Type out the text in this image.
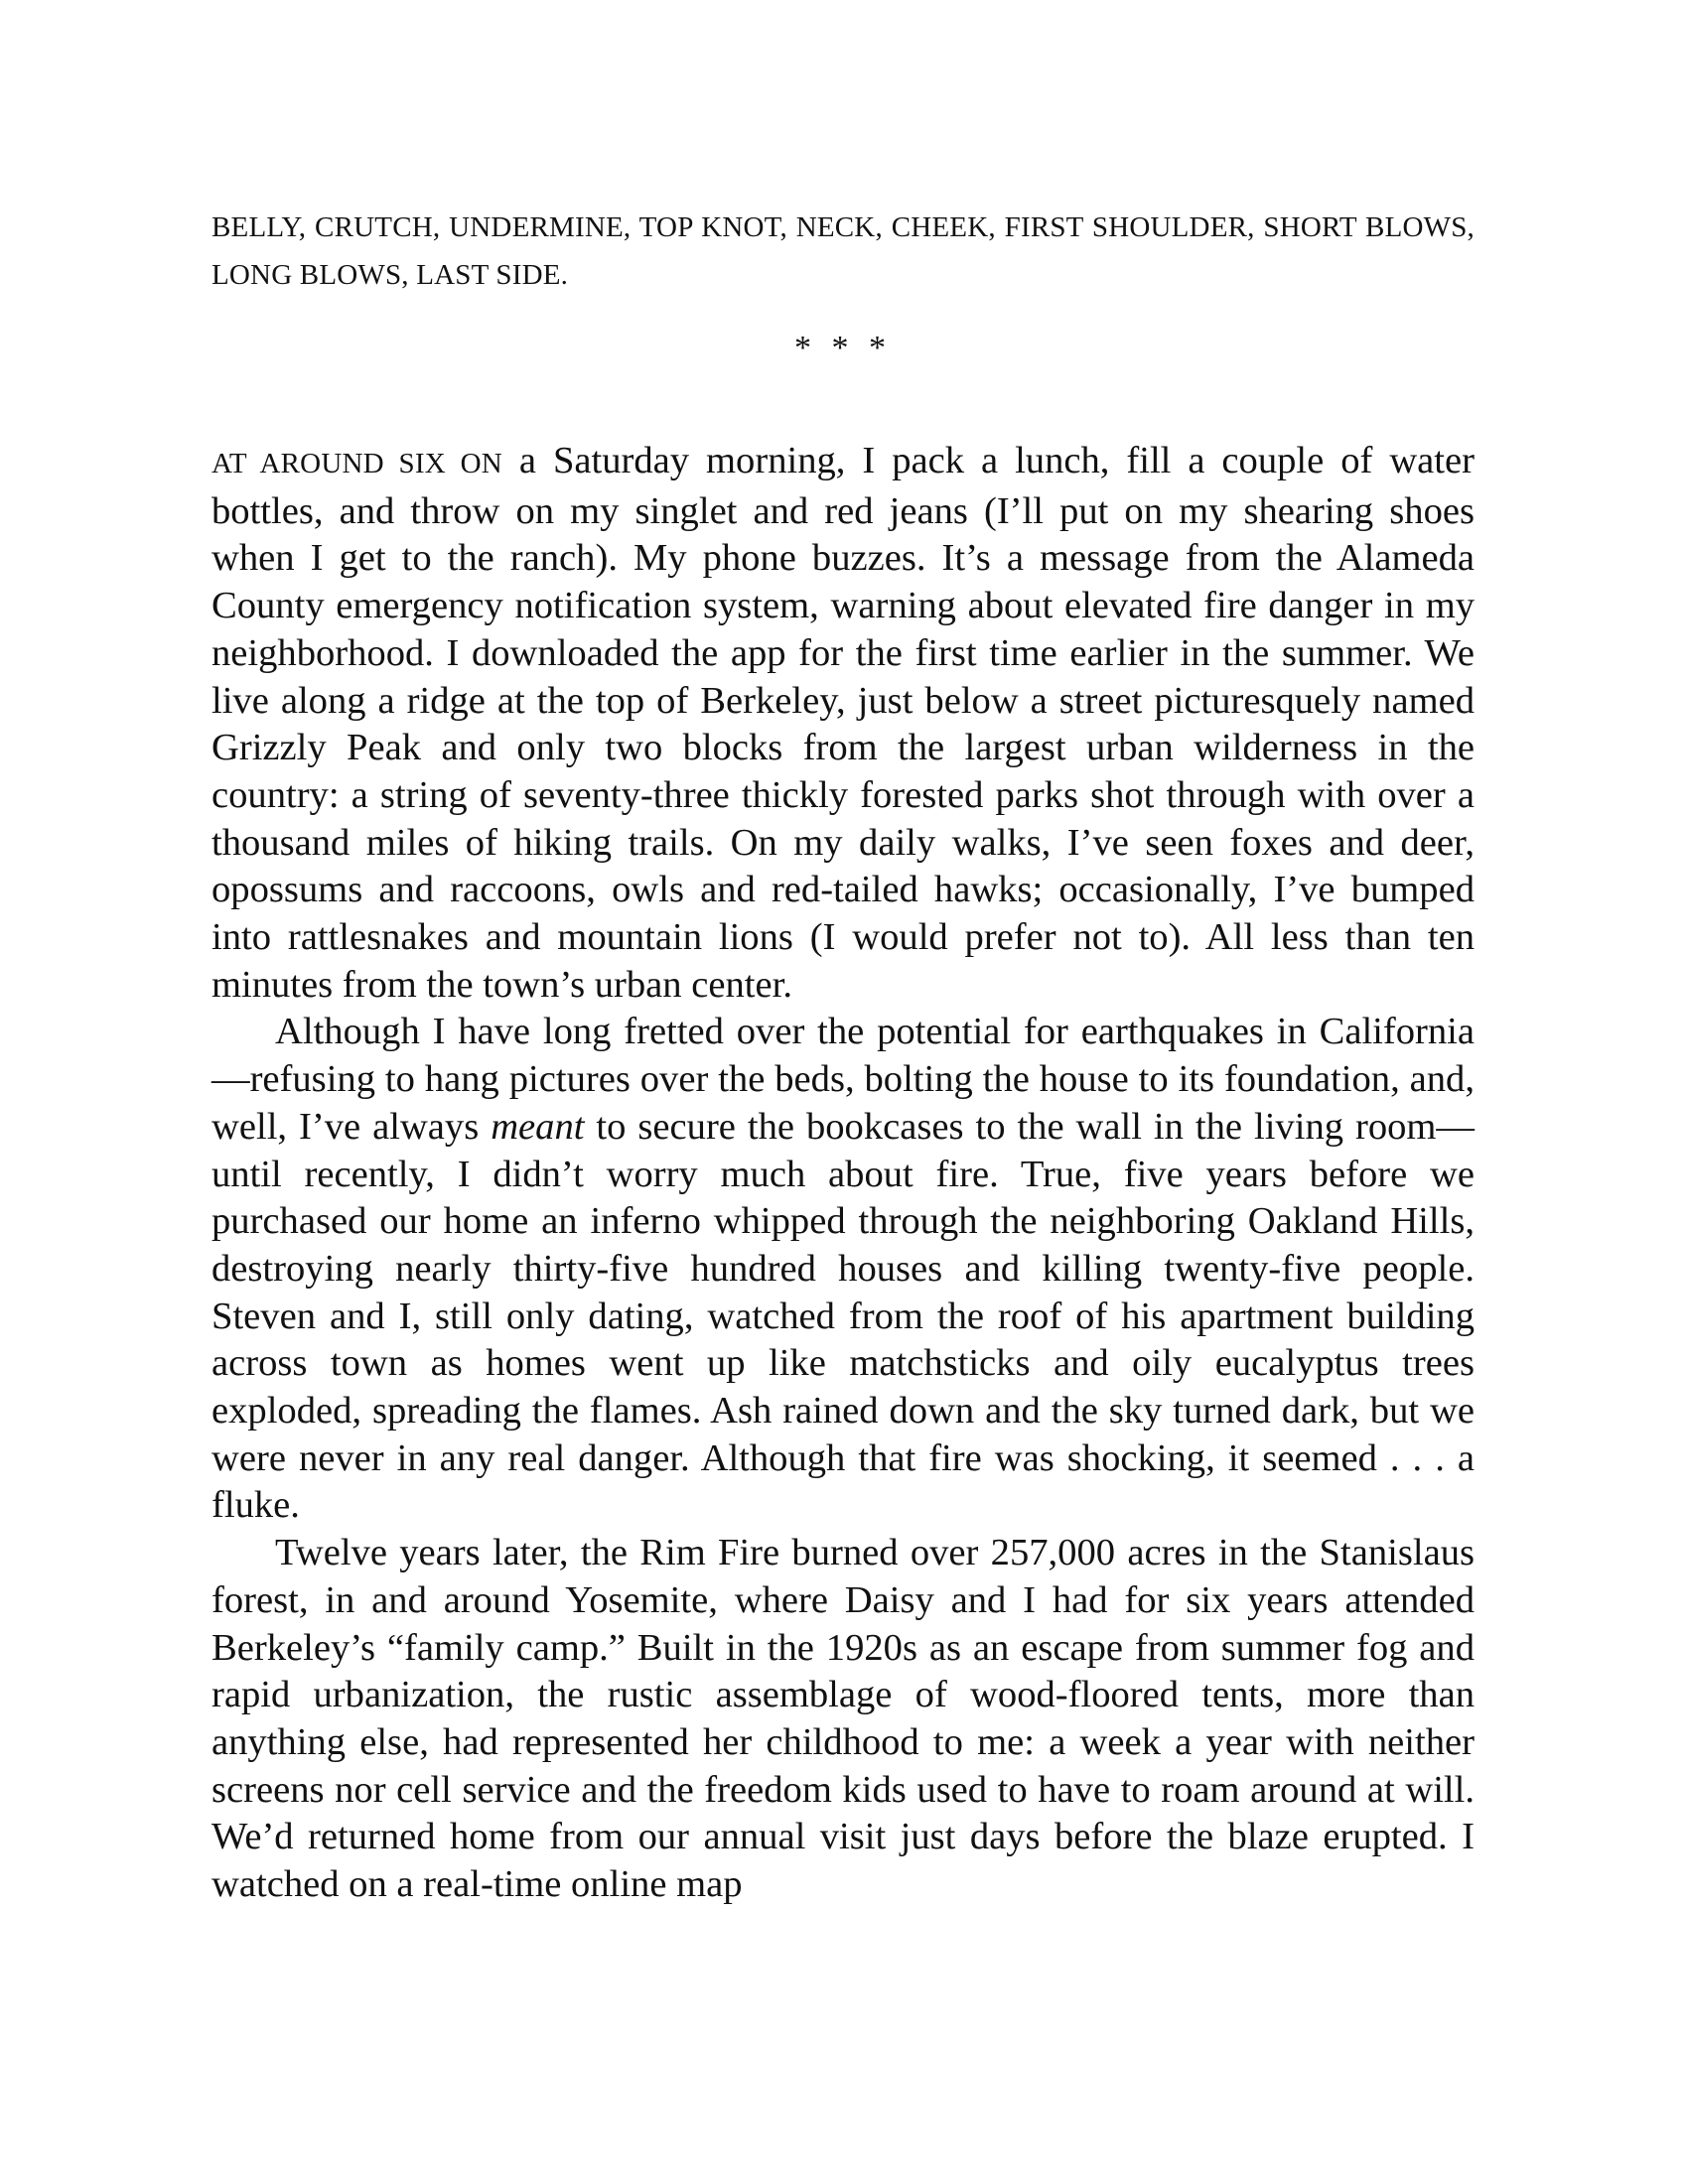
BELLY, CRUTCH, UNDERMINE, TOP KNOT, NECK, CHEEK, FIRST SHOULDER, SHORT BLOWS, LONG BLOWS, LAST SIDE.

* * *

AT AROUND SIX ON a Saturday morning, I pack a lunch, fill a couple of water bottles, and throw on my singlet and red jeans (I’ll put on my shearing shoes when I get to the ranch). My phone buzzes. It’s a message from the Alameda County emergency notification system, warning about elevated fire danger in my neighborhood. I downloaded the app for the first time earlier in the summer. We live along a ridge at the top of Berkeley, just below a street picturesquely named Grizzly Peak and only two blocks from the largest urban wilderness in the country: a string of seventy-three thickly forested parks shot through with over a thousand miles of hiking trails. On my daily walks, I’ve seen foxes and deer, opossums and raccoons, owls and red-tailed hawks; occasionally, I’ve bumped into rattlesnakes and mountain lions (I would prefer not to). All less than ten minutes from the town’s urban center.

Although I have long fretted over the potential for earthquakes in California—refusing to hang pictures over the beds, bolting the house to its foundation, and, well, I’ve always meant to secure the bookcases to the wall in the living room—until recently, I didn’t worry much about fire. True, five years before we purchased our home an inferno whipped through the neighboring Oakland Hills, destroying nearly thirty-five hundred houses and killing twenty-five people. Steven and I, still only dating, watched from the roof of his apartment building across town as homes went up like matchsticks and oily eucalyptus trees exploded, spreading the flames. Ash rained down and the sky turned dark, but we were never in any real danger. Although that fire was shocking, it seemed . . . a fluke.

Twelve years later, the Rim Fire burned over 257,000 acres in the Stanislaus forest, in and around Yosemite, where Daisy and I had for six years attended Berkeley’s “family camp.” Built in the 1920s as an escape from summer fog and rapid urbanization, the rustic assemblage of wood-floored tents, more than anything else, had represented her childhood to me: a week a year with neither screens nor cell service and the freedom kids used to have to roam around at will. We’d returned home from our annual visit just days before the blaze erupted. I watched on a real-time online map
